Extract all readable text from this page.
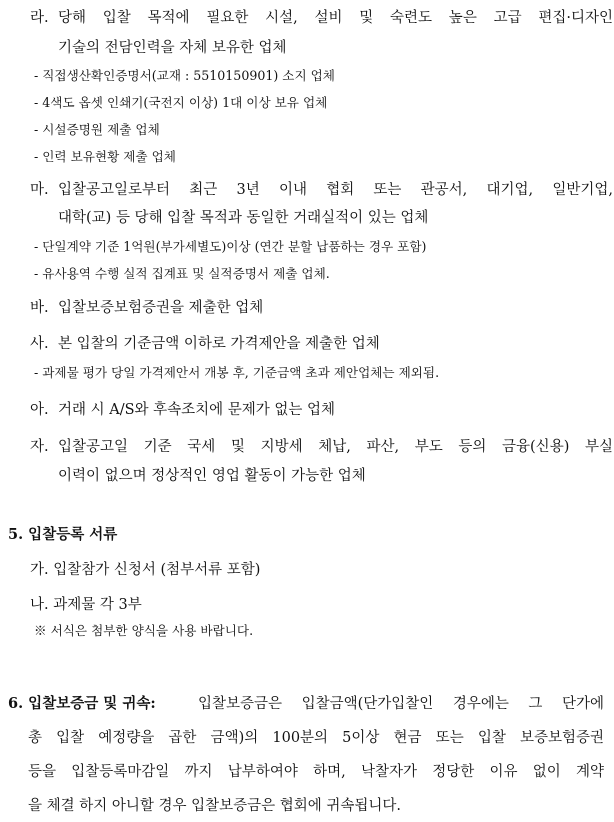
라. 당해 입찰 목적에 필요한 시설, 설비 및 숙련도 높은 고급 편집·디자인
기술의 전담인력을 자체 보유한 업체
- 직접생산확인증명서(교재 : 5510150901) 소지 업체
- 4색도 옵셋 인쇄기(국전지 이상) 1대 이상 보유 업체
- 시설증명원 제출 업체
- 인력 보유현황 제출 업체
마. 입찰공고일로부터 최근 3년 이내 협회 또는 관공서, 대기업, 일반기업,
대학(교) 등 당해 입찰 목적과 동일한 거래실적이 있는 업체
- 단일계약 기준 1억원(부가세별도)이상 (연간 분할 납품하는 경우 포함)
- 유사용역 수행 실적 집계표 및 실적증명서 제출 업체.
바. 입찰보증보험증권을 제출한 업체
사. 본 입찰의 기준금액 이하로 가격제안을 제출한 업체
- 과제물 평가 당일 가격제안서 개봉 후, 기준금액 초과 제안업체는 제외됨.
아. 거래 시 A/S와 후속조치에 문제가 없는 업체
자. 입찰공고일 기준 국세 및 지방세 체납, 파산, 부도 등의 금융(신용) 부실
이력이 없으며 정상적인 영업 활동이 가능한 업체
5. 입찰등록 서류
가. 입찰참가 신청서 (첨부서류 포함)
나. 과제물 각 3부
※ 서식은 첨부한 양식을 사용 바랍니다.
6. 입찰보증금 및 귀속:	입찰보증금은 입찰금액(단가입찰인 경우에는 그 단가에
총 입찰 예정량을 곱한 금액)의 100분의 5이상 현금 또는 입찰 보증보험증권
등을 입찰등록마감일 까지 납부하여야 하며, 낙찰자가 정당한 이유 없이 계약
을 체결 하지 아니할 경우 입찰보증금은 협회에 귀속됩니다.
